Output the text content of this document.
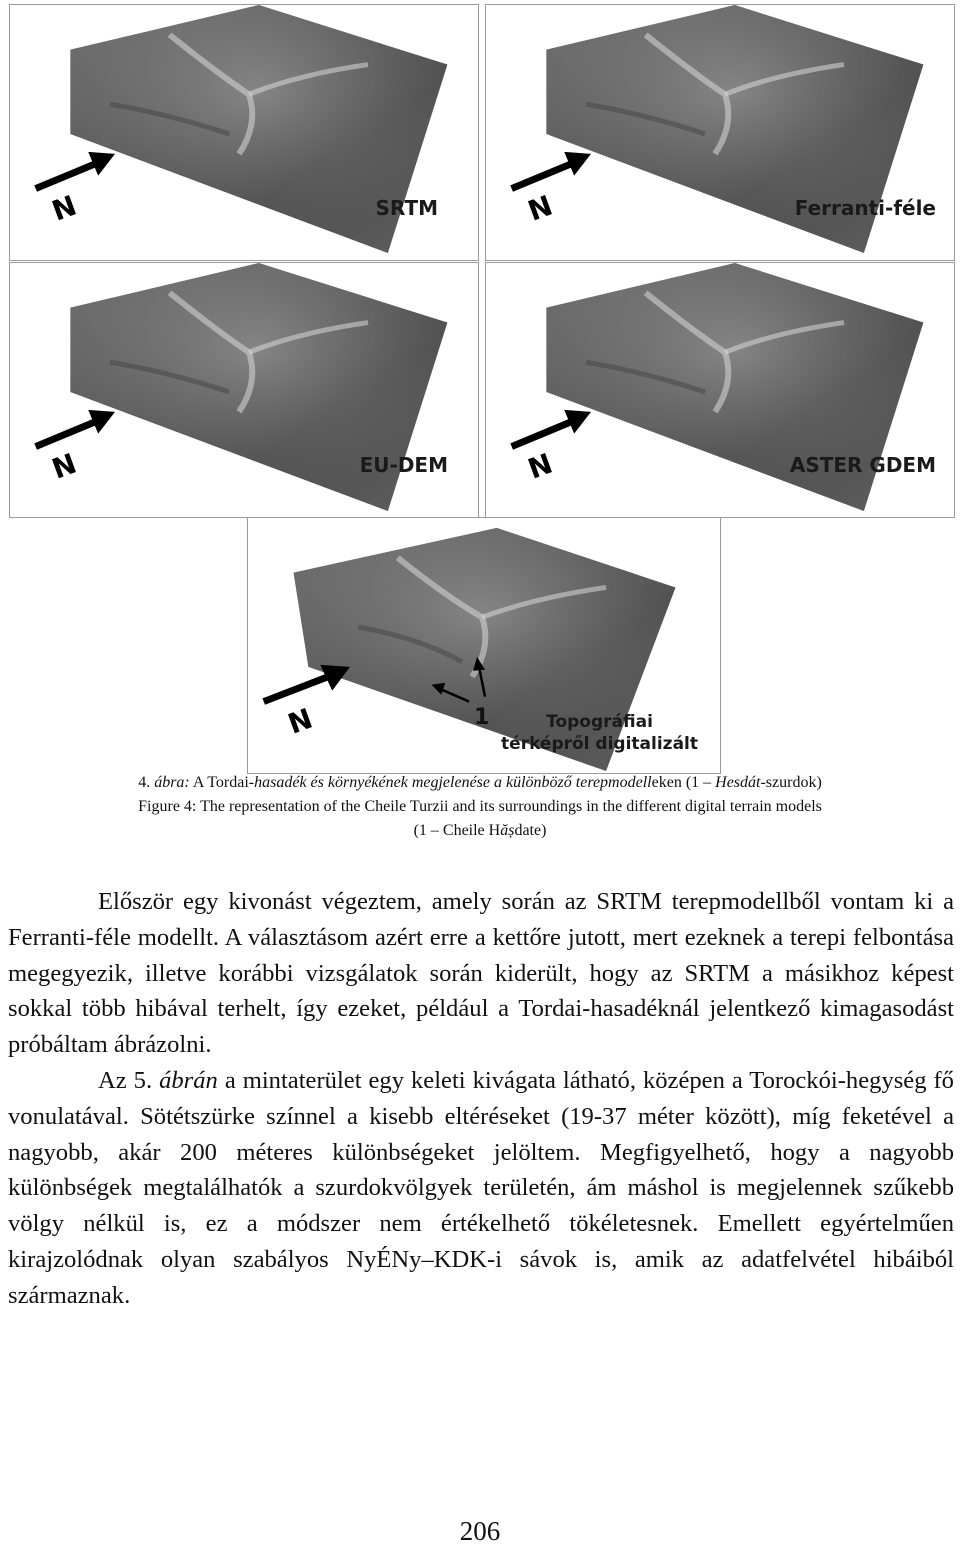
N	SRTM	N	Ferranti-féle
N	EU-DEM	N	ASTER GDEM
N	1	Topográfiai
térképről digitalizált
4. ábra: A Tordai-hasadék és környékének megjelenése a különböző terepmodelleken (1 – Hesdát-szurdok)
Figure 4: The representation of the Cheile Turzii and its surroundings in the different digital terrain models
(1 – Cheile Hășdate)

Először egy kivonást végeztem, amely során az SRTM terepmodellből vontam ki a Ferranti-féle modellt. A választásom azért erre a kettőre jutott, mert ezeknek a terepi felbontása megegyezik, illetve korábbi vizsgálatok során kiderült, hogy az SRTM a másikhoz képest sokkal több hibával terhelt, így ezeket, például a Tordai-hasadéknál jelentkező kimagasodást próbáltam ábrázolni.

Az 5. ábrán a mintaterület egy keleti kivágata látható, középen a Torockói-hegység fő vonulatával. Sötétszürke színnel a kisebb eltéréseket (19-37 méter között), míg feketével a nagyobb, akár 200 méteres különbségeket jelöltem. Megfigyelhető, hogy a nagyobb különbségek megtalálhatók a szurdokvölgyek területén, ám máshol is megjelennek szűkebb völgy nélkül is, ez a módszer nem értékelhető tökéletesnek. Emellett egyértelműen kirajzolódnak olyan szabályos NyÉNy–KDK-i sávok is, amik az adatfelvétel hibáiból származnak.

206
